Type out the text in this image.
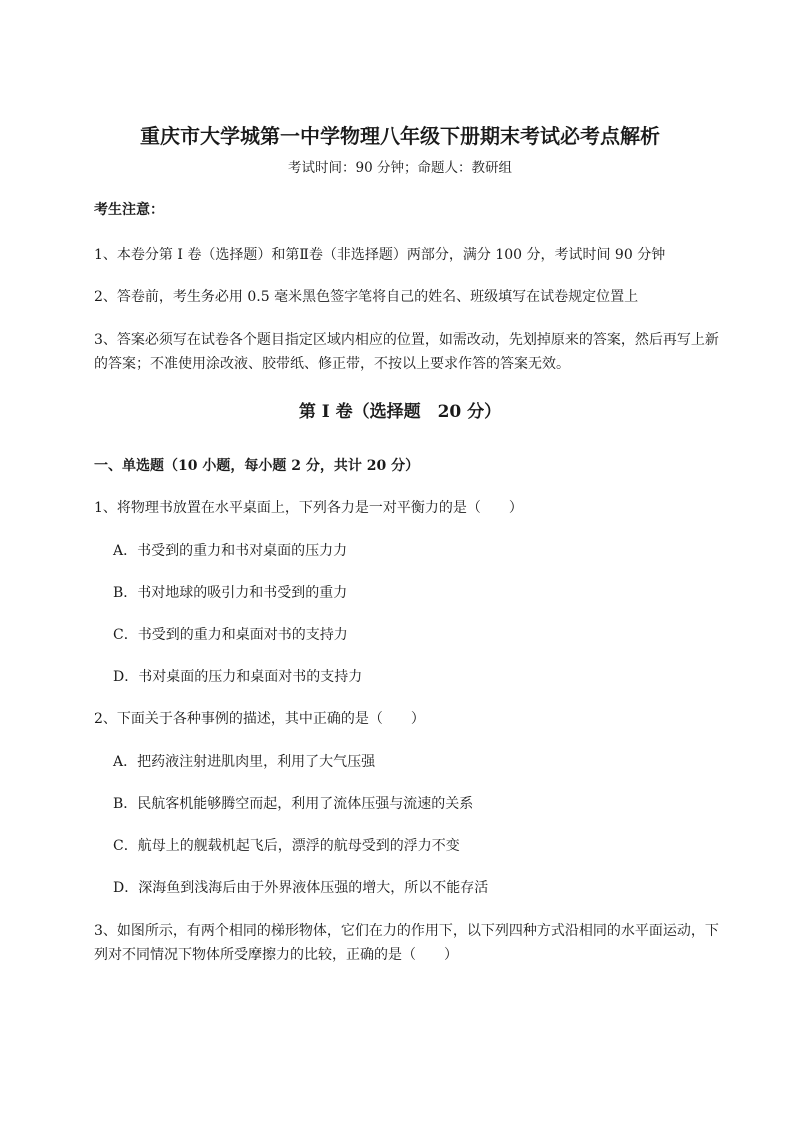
重庆市大学城第一中学物理八年级下册期末考试必考点解析
考试时间：90 分钟；命题人：教研组
考生注意：
1、本卷分第 I 卷（选择题）和第Ⅱ卷（非选择题）两部分，满分 100 分，考试时间 90 分钟
2、答卷前，考生务必用 0.5 毫米黑色签字笔将自己的姓名、班级填写在试卷规定位置上
3、答案必须写在试卷各个题目指定区域内相应的位置，如需改动，先划掉原来的答案，然后再写上新
的答案；不准使用涂改液、胶带纸、修正带，不按以上要求作答的答案无效。
第 I 卷（选择题　20 分）
一、单选题（10 小题，每小题 2 分，共计 20 分）
1、将物理书放置在水平桌面上，下列各力是一对平衡力的是（　　）
A．书受到的重力和书对桌面的压力力
B．书对地球的吸引力和书受到的重力
C．书受到的重力和桌面对书的支持力
D．书对桌面的压力和桌面对书的支持力
2、下面关于各种事例的描述，其中正确的是（　　）
A．把药液注射进肌肉里，利用了大气压强
B．民航客机能够腾空而起，利用了流体压强与流速的关系
C．航母上的舰载机起飞后，漂浮的航母受到的浮力不变
D．深海鱼到浅海后由于外界液体压强的增大，所以不能存活
3、如图所示，有两个相同的梯形物体，它们在力的作用下，以下列四种方式沿相同的水平面运动，下
列对不同情况下物体所受摩擦力的比较，正确的是（　　）
